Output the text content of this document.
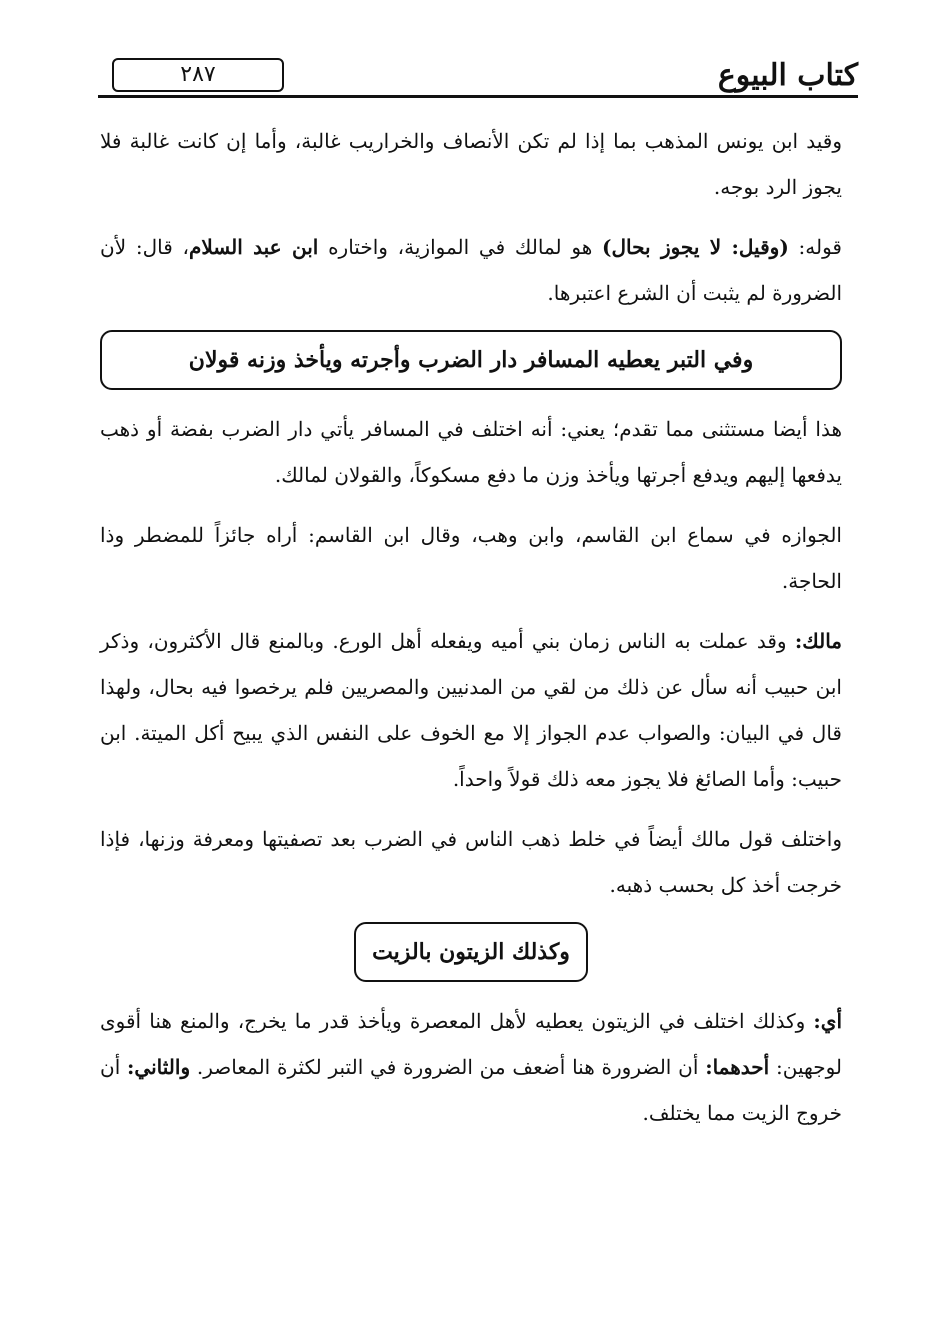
٢٨٧	كتاب البيوع

وقيد ابن يونس المذهب بما إذا لم تكن الأنصاف والخراريب غالبة، وأما إن كانت غالبة فلا يجوز الرد بوجه.

قوله: (وقيل: لا يجوز بحال) هو لمالك في الموازية، واختاره ابن عبد السلام، قال: لأن الضرورة لم يثبت أن الشرع اعتبرها.

وفي التبر يعطيه المسافر دار الضرب وأجرته ويأخذ وزنه قولان

هذا أيضا مستثنى مما تقدم؛ يعني: أنه اختلف في المسافر يأتي دار الضرب بفضة أو ذهب يدفعها إليهم ويدفع أجرتها ويأخذ وزن ما دفع مسكوكاً، والقولان لمالك.

الجوازه في سماع ابن القاسم، وابن وهب، وقال ابن القاسم: أراه جائزاً للمضطر وذا الحاجة.

مالك: وقد عملت به الناس زمان بني أميه ويفعله أهل الورع. وبالمنع قال الأكثرون، وذكر ابن حبيب أنه سأل عن ذلك من لقي من المدنيين والمصريين فلم يرخصوا فيه بحال، ولهذا قال في البيان: والصواب عدم الجواز إلا مع الخوف على النفس الذي يبيح أكل الميتة. ابن حبيب: وأما الصائغ فلا يجوز معه ذلك قولاً واحداً.

واختلف قول مالك أيضاً في خلط ذهب الناس في الضرب بعد تصفيتها ومعرفة وزنها، فإذا خرجت أخذ كل بحسب ذهبه.

وكذلك الزيتون بالزيت

أي: وكذلك اختلف في الزيتون يعطيه لأهل المعصرة ويأخذ قدر ما يخرج، والمنع هنا أقوى لوجهين: أحدهما: أن الضرورة هنا أضعف من الضرورة في التبر لكثرة المعاصر. والثاني: أن خروج الزيت مما يختلف.
